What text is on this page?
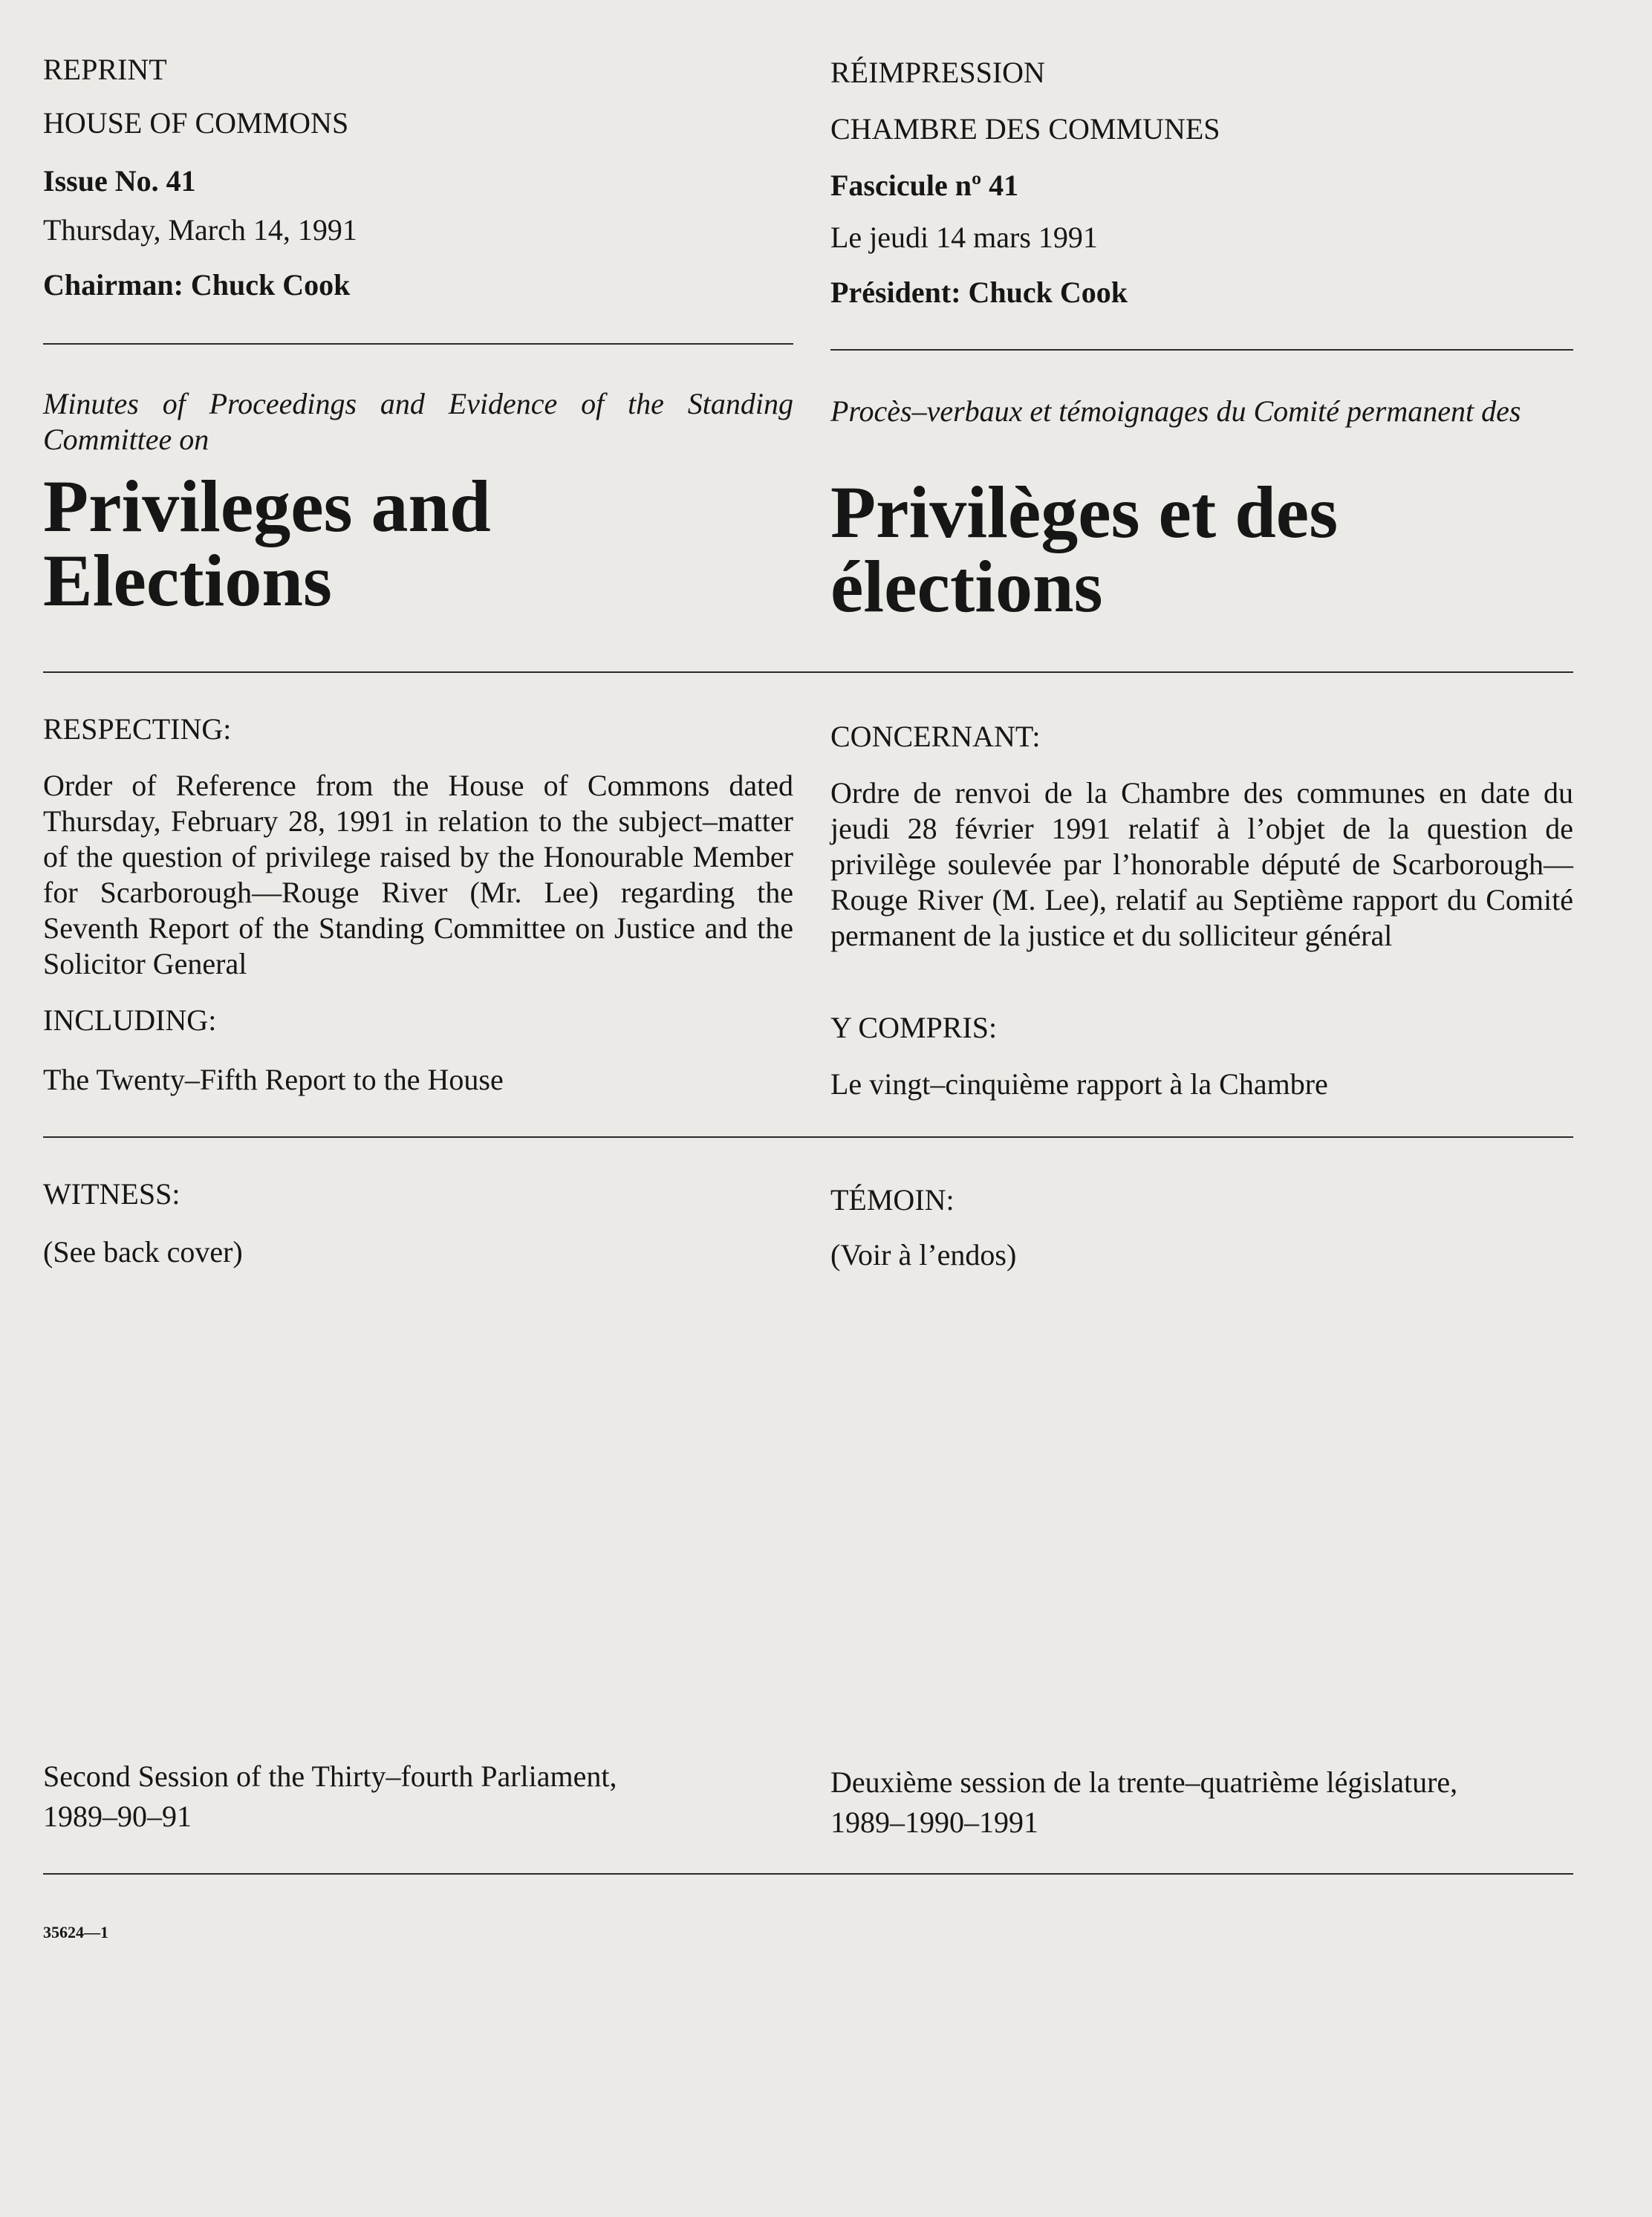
REPRINT
HOUSE OF COMMONS
Issue No. 41
Thursday, March 14, 1991
Chairman: Chuck Cook
Minutes of Proceedings and Evidence of the Standing Committee on
Privileges and Elections
RESPECTING:
Order of Reference from the House of Commons dated Thursday, February 28, 1991 in relation to the subject–matter of the question of privilege raised by the Honourable Member for Scarborough—Rouge River (Mr. Lee) regarding the Seventh Report of the Standing Committee on Justice and the Solicitor General
INCLUDING:
The Twenty–Fifth Report to the House
WITNESS:
(See back cover)
Second Session of the Thirty–fourth Parliament,
1989–90–91
35624—1
RÉIMPRESSION
CHAMBRE DES COMMUNES
Fascicule nº 41
Le jeudi 14 mars 1991
Président: Chuck Cook
Procès–verbaux et témoignages du Comité permanent des
Privilèges et des élections
CONCERNANT:
Ordre de renvoi de la Chambre des communes en date du jeudi 28 février 1991 relatif à l’objet de la question de privilège soulevée par l’honorable député de Scarborough—Rouge River (M. Lee), relatif au Septième rapport du Comité permanent de la justice et du solliciteur général
Y COMPRIS:
Le vingt–cinquième rapport à la Chambre
TÉMOIN:
(Voir à l’endos)
Deuxième session de la trente–quatrième législature,
1989–1990–1991
